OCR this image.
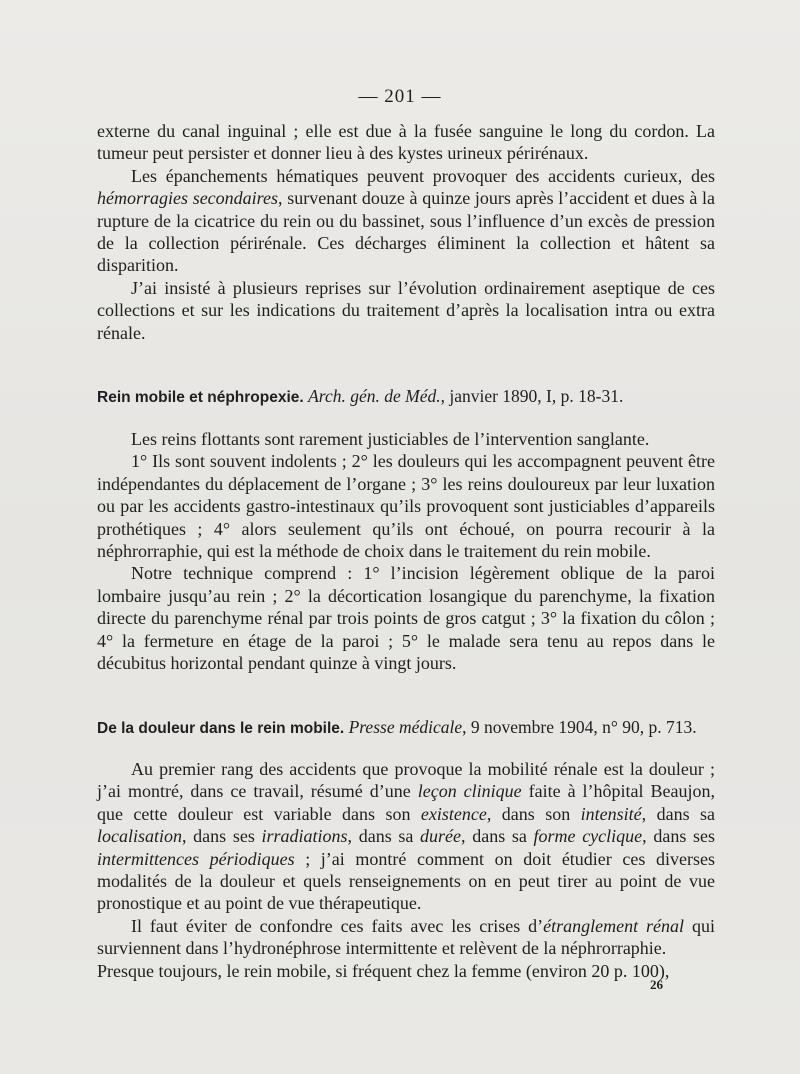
— 201 —

externe du canal inguinal ; elle est due à la fusée sanguine le long du cordon. La tumeur peut persister et donner lieu à des kystes urineux périrénaux.

Les épanchements hématiques peuvent provoquer des accidents curieux, des hémorragies secondaires, survenant douze à quinze jours après l’accident et dues à la rupture de la cicatrice du rein ou du bassinet, sous l’influence d’un excès de pression de la collection périrénale. Ces décharges éliminent la collection et hâtent sa disparition.

J’ai insisté à plusieurs reprises sur l’évolution ordinairement aseptique de ces collections et sur les indications du traitement d’après la localisation intra ou extra rénale.

Rein mobile et néphropexie. Arch. gén. de Méd., janvier 1890, I, p. 18-31.

Les reins flottants sont rarement justiciables de l’intervention sanglante.

1° Ils sont souvent indolents ; 2° les douleurs qui les accompagnent peuvent être indépendantes du déplacement de l’organe ; 3° les reins douloureux par leur luxation ou par les accidents gastro-intestinaux qu’ils provoquent sont justiciables d’appareils prothétiques ; 4° alors seulement qu’ils ont échoué, on pourra recourir à la néphrorraphie, qui est la méthode de choix dans le traitement du rein mobile.

Notre technique comprend : 1° l’incision légèrement oblique de la paroi lombaire jusqu’au rein ; 2° la décortication losangique du parenchyme, la fixation directe du parenchyme rénal par trois points de gros catgut ; 3° la fixation du côlon ; 4° la fermeture en étage de la paroi ; 5° le malade sera tenu au repos dans le décubitus horizontal pendant quinze à vingt jours.

De la douleur dans le rein mobile. Presse médicale, 9 novembre 1904, n° 90, p. 713.

Au premier rang des accidents que provoque la mobilité rénale est la douleur ; j’ai montré, dans ce travail, résumé d’une leçon clinique faite à l’hôpital Beaujon, que cette douleur est variable dans son existence, dans son intensité, dans sa localisation, dans ses irradiations, dans sa durée, dans sa forme cyclique, dans ses intermittences périodiques ; j’ai montré comment on doit étudier ces diverses modalités de la douleur et quels renseignements on en peut tirer au point de vue pronostique et au point de vue thérapeutique.

Il faut éviter de confondre ces faits avec les crises d’étranglement rénal qui surviennent dans l’hydronéphrose intermittente et relèvent de la néphrorraphie.

Presque toujours, le rein mobile, si fréquent chez la femme (environ 20 p. 100),

26
